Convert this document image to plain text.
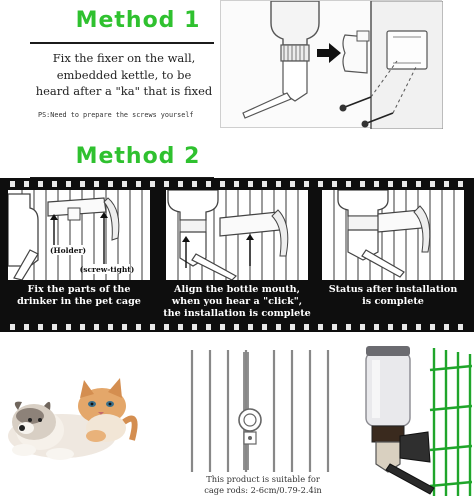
Method 1
Fix the fixer on the wall,
embedded kettle, to be
heard after a "ka" that is fixed
PS:Need to prepare the screws yourself
Method 2
(Holder)
(screw-tight)
Fix the parts of the
drinker in the pet cage
Align the bottle mouth,
when you hear a "click",
the installation is complete
Status after installation
is complete
This product is suitable for
cage rods: 2-6cm/0.79-2.4in
